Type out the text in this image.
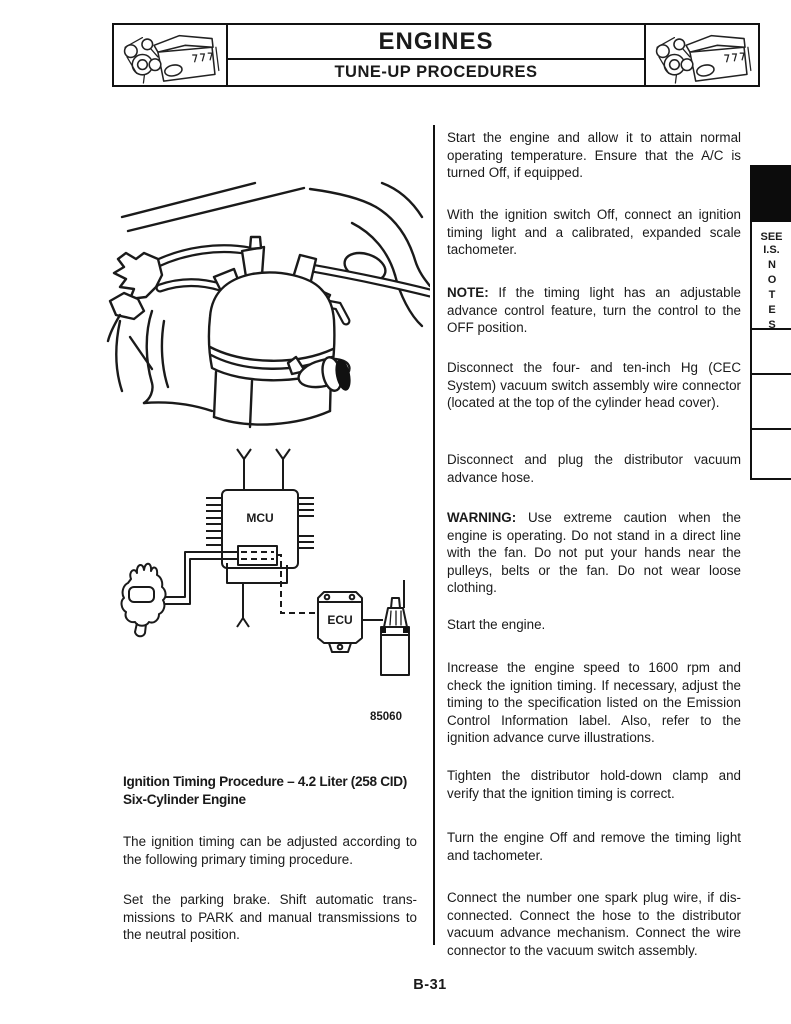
ENGINES
TUNE-UP PROCEDURES
SEE
I.S.
NOTES
MCU
ECU
85060
Ignition Timing Procedure – 4.2 Liter (258 CID)
Six-Cylinder Engine
The ignition timing can be adjusted according to the following primary timing procedure.
Set the parking brake. Shift automatic trans-missions to PARK and manual transmissions to the neutral position.
Start the engine and allow it to attain normal operating temperature. Ensure that the A/C is turned Off, if equipped.
With the ignition switch Off, connect an ignition timing light and a calibrated, expanded scale tachometer.
NOTE: If the timing light has an adjustable advance control feature, turn the control to the OFF position.
Disconnect the four- and ten-inch Hg (CEC System) vacuum switch assembly wire connector (located at the top of the cylinder head cover).
Disconnect and plug the distributor vacuum advance hose.
WARNING: Use extreme caution when the engine is operating. Do not stand in a direct line with the fan. Do not put your hands near the pulleys, belts or the fan. Do not wear loose clothing.
Start the engine.
Increase the engine speed to 1600 rpm and check the ignition timing. If necessary, adjust the timing to the specification listed on the Emission Control Information label. Also, refer to the ignition advance curve illustrations.
Tighten the distributor hold-down clamp and verify that the ignition timing is correct.
Turn the engine Off and remove the timing light and tachometer.
Connect the number one spark plug wire, if dis-connected. Connect the hose to the distributor vacuum advance mechanism. Connect the wire connector to the vacuum switch assembly.
B-31
